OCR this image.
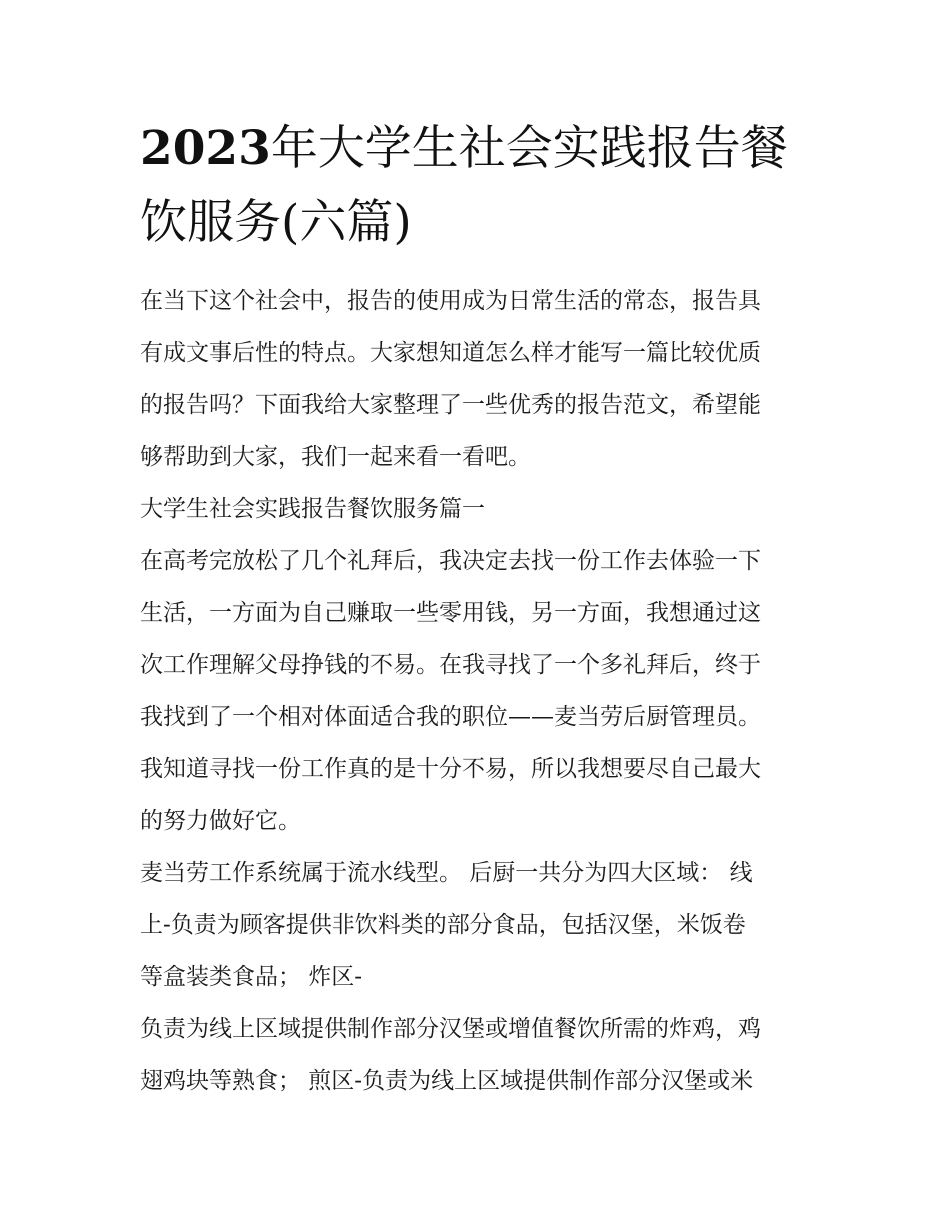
2023年大学生社会实践报告餐
饮服务(六篇)
在当下这个社会中，报告的使用成为日常生活的常态，报告具
有成文事后性的特点。大家想知道怎么样才能写一篇比较优质
的报告吗？下面我给大家整理了一些优秀的报告范文，希望能
够帮助到大家，我们一起来看一看吧。
大学生社会实践报告餐饮服务篇一
在高考完放松了几个礼拜后，我决定去找一份工作去体验一下
生活，一方面为自己赚取一些零用钱，另一方面，我想通过这
次工作理解父母挣钱的不易。在我寻找了一个多礼拜后，终于
我找到了一个相对体面适合我的职位——麦当劳后厨管理员。
我知道寻找一份工作真的是十分不易，所以我想要尽自己最大
的努力做好它。
麦当劳工作系统属于流水线型。 后厨一共分为四大区域： 线
上-负责为顾客提供非饮料类的部分食品，包括汉堡，米饭卷
等盒装类食品； 炸区-
负责为线上区域提供制作部分汉堡或增值餐饮所需的炸鸡，鸡
翅鸡块等熟食； 煎区-负责为线上区域提供制作部分汉堡或米
